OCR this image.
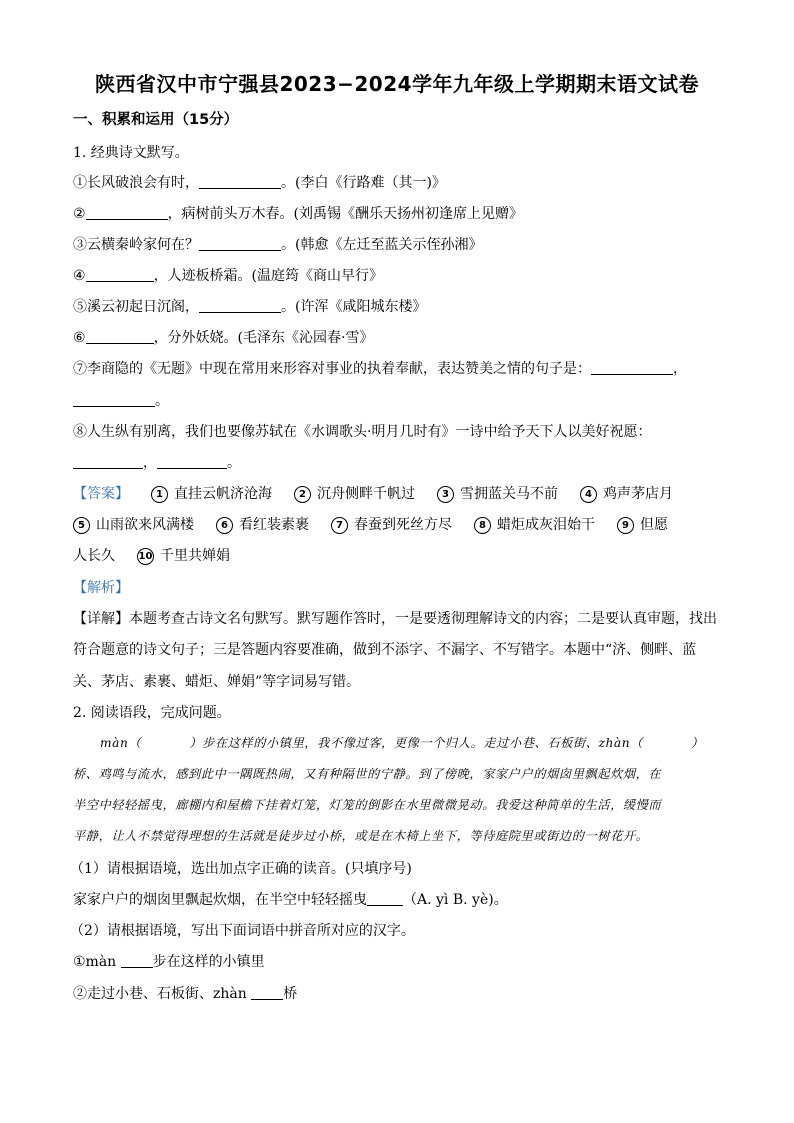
陕西省汉中市宁强县2023−2024学年九年级上学期期末语文试卷
一、积累和运用（15分）
1. 经典诗文默写。
①长风破浪会有时，	。(李白《行路难（其一)》
②	，病树前头万木春。(刘禹锡《酬乐天扬州初逢席上见赠》
③云横秦岭家何在？	。(韩愈《左迁至蓝关示侄孙湘》
④	，人迹板桥霜。(温庭筠《商山早行》
⑤溪云初起日沉阁，	。(许浑《咸阳城东楼》
⑥	，分外妖娆。(毛泽东《沁园春·雪》
⑦李商隐的《无题》中现在常用来形容对事业的执着奉献，表达赞美之情的句子是：	，
。
⑧人生纵有别离，我们也要像苏轼在《水调歌头·明月几时有》一诗中给予天下人以美好祝愿：
，	。
【答案】	1 直挂云帆济沧海	2 沉舟侧畔千帆过	3 雪拥蓝关马不前	4 鸡声茅店月
5 山雨欲来风满楼	6 看红装素裹	7 春蚕到死丝方尽	8 蜡炬成灰泪始干	9 但愿
人长久 10 千里共婵娟
【解析】
【详解】本题考查古诗文名句默写。默写题作答时，一是要透彻理解诗文的内容；二是要认真审题，找出
符合题意的诗文句子；三是答题内容要准确，做到不添字、不漏字、不写错字。本题中“济、侧畔、蓝
关、茅店、素裹、蜡炬、婵娟”等字词易写错。
2. 阅读语段，完成问题。
màn（	）步在这样的小镇里，我不像过客，更像一个归人。走过小巷、石板街、zhàn（	）
桥、鸡鸣与流水，感到此中一隅既热闹，又有种隔世的宁静。到了傍晚，家家户户的烟囱里飘起炊烟，在
半空中轻轻摇曳，廊棚内和屋檐下挂着灯笼，灯笼的倒影在水里微微晃动。我爱这种简单的生活，缓慢而
平静，让人不禁觉得理想的生活就是徒步过小桥，或是在木椅上坐下，等待庭院里或街边的一树花开。
（1）请根据语境，选出加点字正确的读音。(只填序号)
家家户户的烟囱里飘起炊烟，在半空中轻轻摇曳	（A. yì B. yè)。
（2）请根据语境，写出下面词语中拼音所对应的汉字。
①màn 步在这样的小镇里
②走过小巷、石板街、zhàn 桥
